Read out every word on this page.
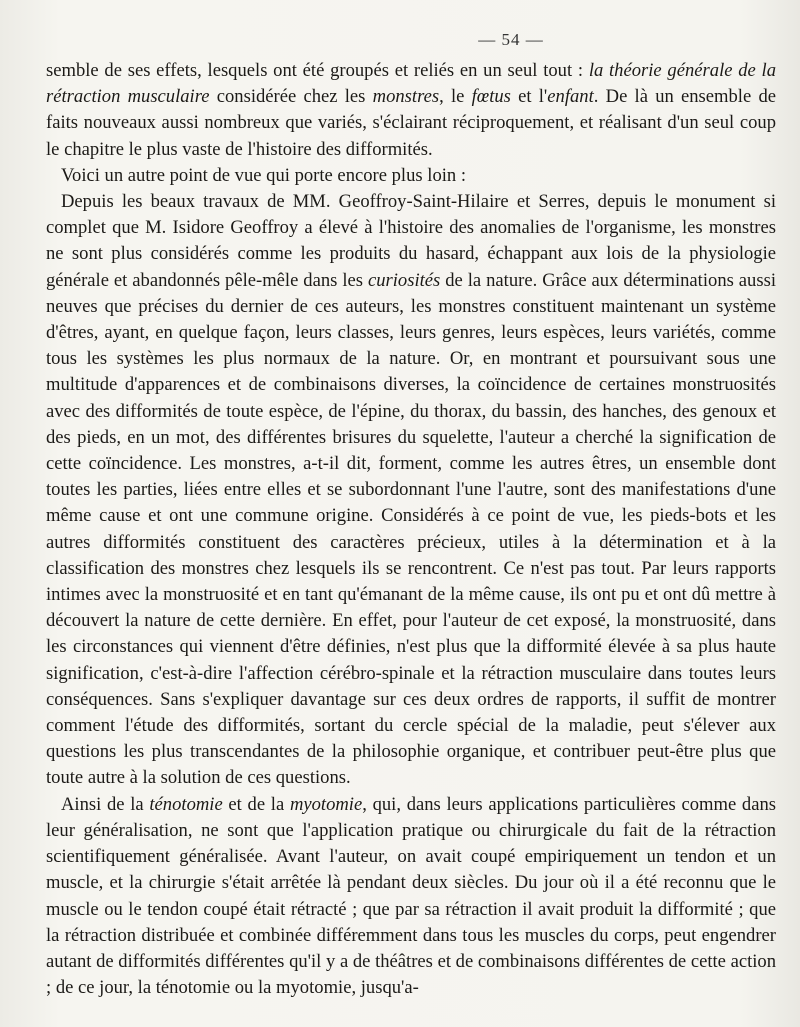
— 54 —

semble de ses effets, lesquels ont été groupés et reliés en un seul tout : la théorie générale de la rétraction musculaire considérée chez les monstres, le fœtus et l'enfant. De là un ensemble de faits nouveaux aussi nombreux que variés, s'éclairant réciproquement, et réalisant d'un seul coup le chapitre le plus vaste de l'histoire des difformités.

Voici un autre point de vue qui porte encore plus loin :

Depuis les beaux travaux de MM. Geoffroy-Saint-Hilaire et Serres, depuis le monument si complet que M. Isidore Geoffroy a élevé à l'histoire des anomalies de l'organisme, les monstres ne sont plus considérés comme les produits du hasard, échappant aux lois de la physiologie générale et abandonnés pêle-mêle dans les curiosités de la nature. Grâce aux déterminations aussi neuves que précises du dernier de ces auteurs, les monstres constituent maintenant un système d'êtres, ayant, en quelque façon, leurs classes, leurs genres, leurs espèces, leurs variétés, comme tous les systèmes les plus normaux de la nature. Or, en montrant et poursuivant sous une multitude d'apparences et de combinaisons diverses, la coïncidence de certaines monstruosités avec des difformités de toute espèce, de l'épine, du thorax, du bassin, des hanches, des genoux et des pieds, en un mot, des différentes brisures du squelette, l'auteur a cherché la signification de cette coïncidence. Les monstres, a-t-il dit, forment, comme les autres êtres, un ensemble dont toutes les parties, liées entre elles et se subordonnant l'une l'autre, sont des manifestations d'une même cause et ont une commune origine. Considérés à ce point de vue, les pieds-bots et les autres difformités constituent des caractères précieux, utiles à la détermination et à la classification des monstres chez lesquels ils se rencontrent. Ce n'est pas tout. Par leurs rapports intimes avec la monstruosité et en tant qu'émanant de la même cause, ils ont pu et ont dû mettre à découvert la nature de cette dernière. En effet, pour l'auteur de cet exposé, la monstruosité, dans les circonstances qui viennent d'être définies, n'est plus que la difformité élevée à sa plus haute signification, c'est-à-dire l'affection cérébro-spinale et la rétraction musculaire dans toutes leurs conséquences. Sans s'expliquer davantage sur ces deux ordres de rapports, il suffit de montrer comment l'étude des difformités, sortant du cercle spécial de la maladie, peut s'élever aux questions les plus transcendantes de la philosophie organique, et contribuer peut-être plus que toute autre à la solution de ces questions.

Ainsi de la ténotomie et de la myotomie, qui, dans leurs applications particulières comme dans leur généralisation, ne sont que l'application pratique ou chirurgicale du fait de la rétraction scientifiquement généralisée. Avant l'auteur, on avait coupé empiriquement un tendon et un muscle, et la chirurgie s'était arrêtée là pendant deux siècles. Du jour où il a été reconnu que le muscle ou le tendon coupé était rétracté ; que par sa rétraction il avait produit la difformité ; que la rétraction distribuée et combinée différemment dans tous les muscles du corps, peut engendrer autant de difformités différentes qu'il y a de théâtres et de combinaisons différentes de cette action ; de ce jour, la ténotomie ou la myotomie, jusqu'a-
